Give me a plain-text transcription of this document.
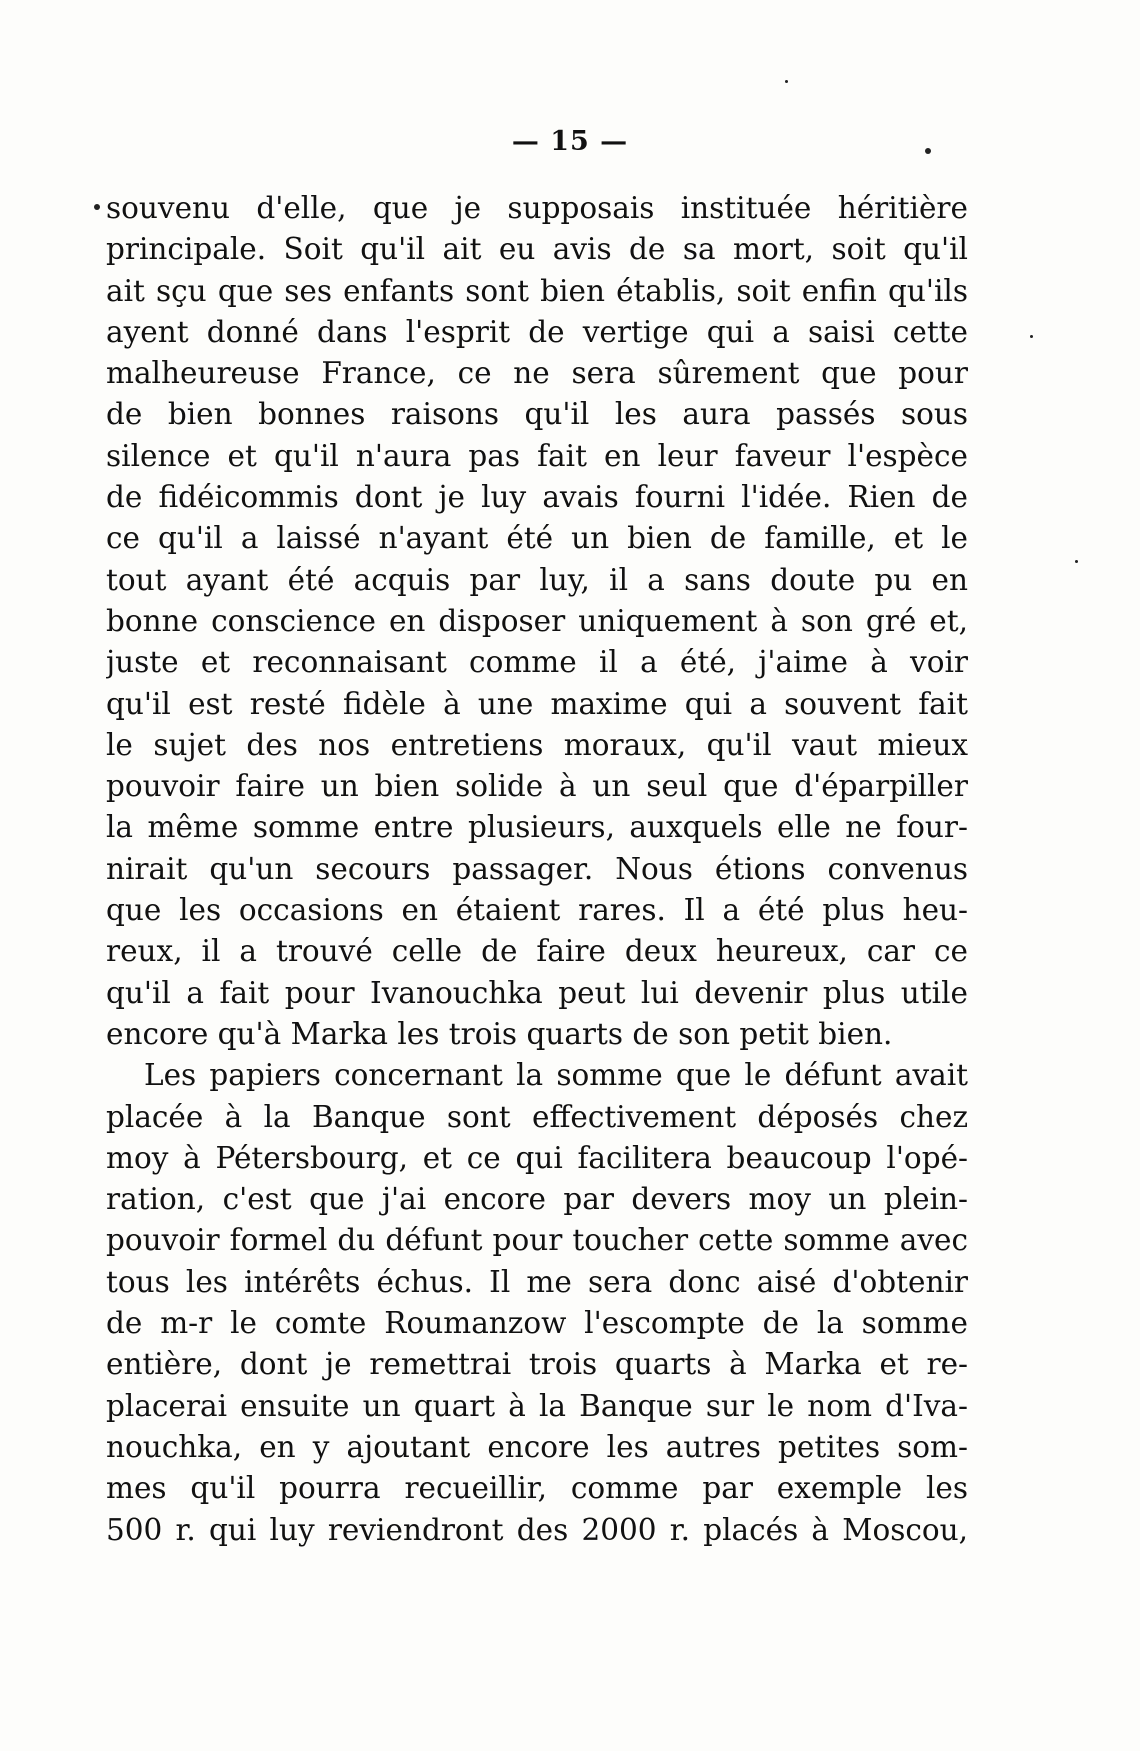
— 15 —
souvenu d'elle, que je supposais instituée héritière
principale. Soit qu'il ait eu avis de sa mort, soit qu'il
ait sçu que ses enfants sont bien établis, soit enfin qu'ils
ayent donné dans l'esprit de vertige qui a saisi cette
malheureuse France, ce ne sera sûrement que pour
de bien bonnes raisons qu'il les aura passés sous
silence et qu'il n'aura pas fait en leur faveur l'espèce
de fidéicommis dont je luy avais fourni l'idée. Rien de
ce qu'il a laissé n'ayant été un bien de famille, et le
tout ayant été acquis par luy, il a sans doute pu en
bonne conscience en disposer uniquement à son gré et,
juste et reconnaisant comme il a été, j'aime à voir
qu'il est resté fidèle à une maxime qui a souvent fait
le sujet des nos entretiens moraux, qu'il vaut mieux
pouvoir faire un bien solide à un seul que d'éparpiller
la même somme entre plusieurs, auxquels elle ne four-
nirait qu'un secours passager. Nous étions convenus
que les occasions en étaient rares. Il a été plus heu-
reux, il a trouvé celle de faire deux heureux, car ce
qu'il a fait pour Ivanouchka peut lui devenir plus utile
encore qu'à Marka les trois quarts de son petit bien.
Les papiers concernant la somme que le défunt avait
placée à la Banque sont effectivement déposés chez
moy à Pétersbourg, et ce qui facilitera beaucoup l'opé-
ration, c'est que j'ai encore par devers moy un plein-
pouvoir formel du défunt pour toucher cette somme avec
tous les intérêts échus. Il me sera donc aisé d'obtenir
de m-r le comte Roumanzow l'escompte de la somme
entière, dont je remettrai trois quarts à Marka et re-
placerai ensuite un quart à la Banque sur le nom d'Iva-
nouchka, en y ajoutant encore les autres petites som-
mes qu'il pourra recueillir, comme par exemple les
500 r. qui luy reviendront des 2000 r. placés à Moscou,
